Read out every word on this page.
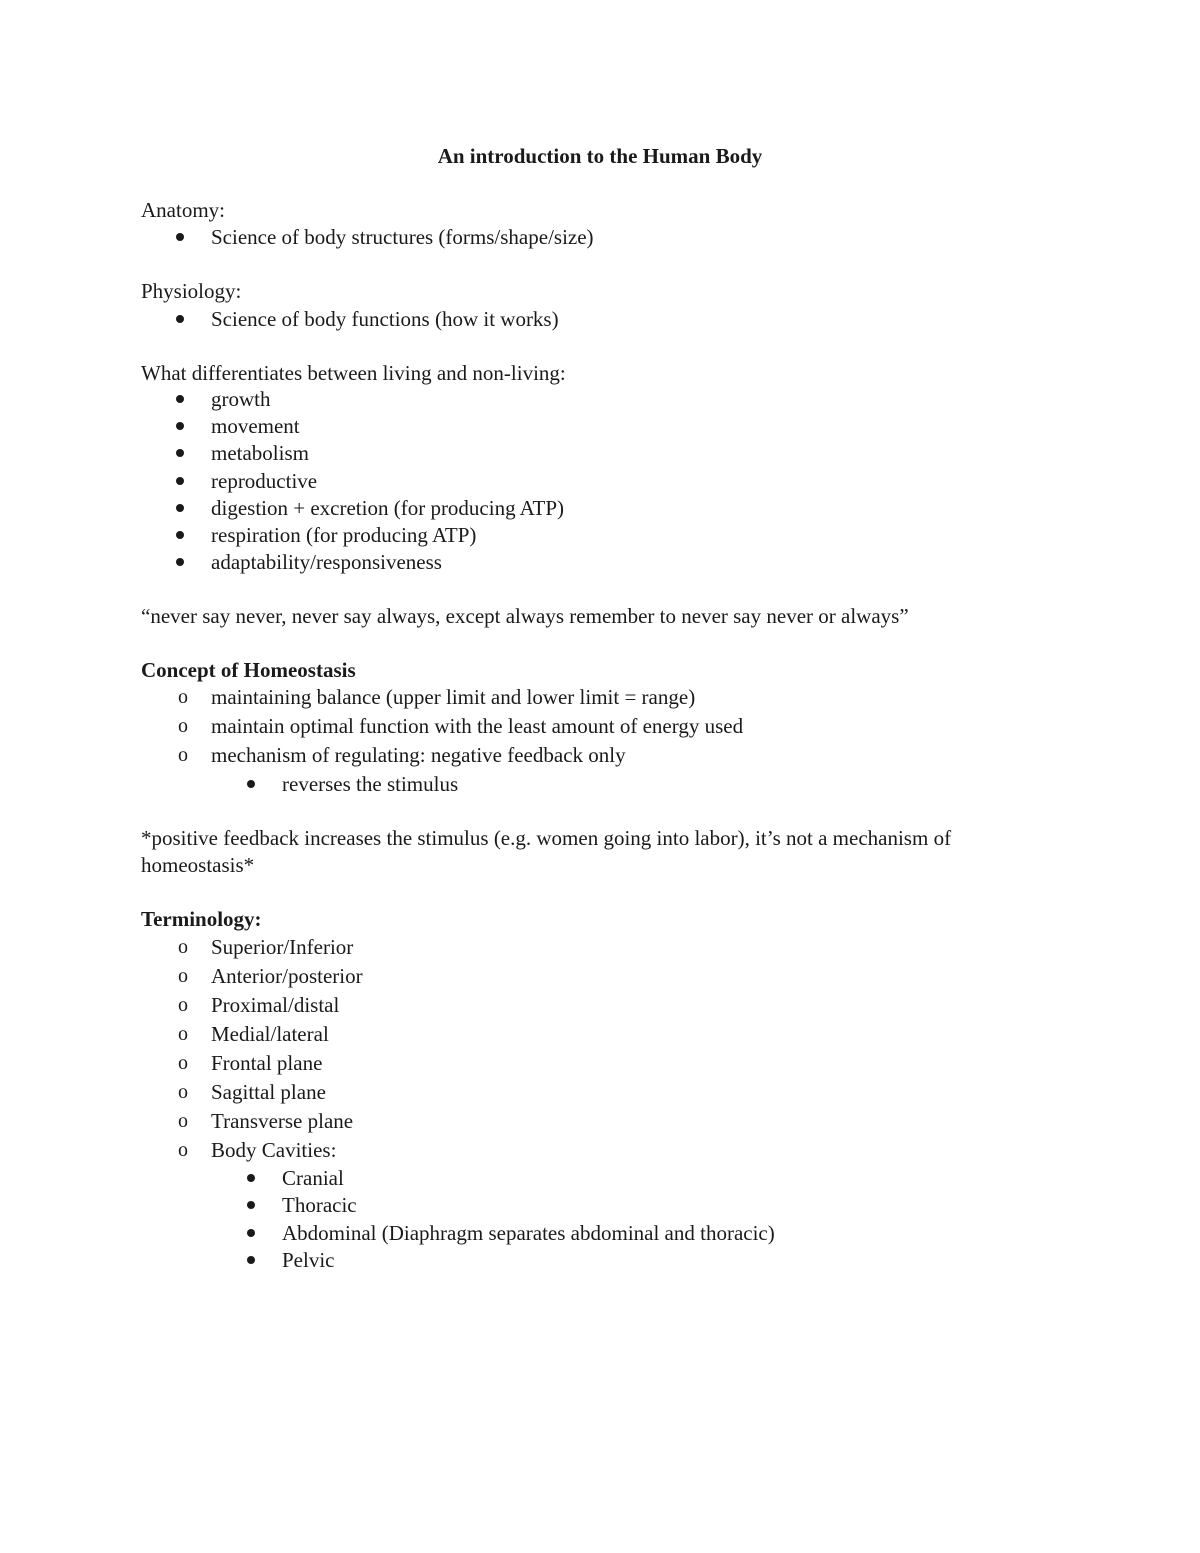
An introduction to the Human Body
Anatomy:
Science of body structures (forms/shape/size)
Physiology:
Science of body functions (how it works)
What differentiates between living and non-living:
growth
movement
metabolism
reproductive
digestion + excretion (for producing ATP)
respiration (for producing ATP)
adaptability/responsiveness
“never say never, never say always, except always remember to never say never or always”
Concept of Homeostasis
o maintaining balance (upper limit and lower limit = range)
o maintain optimal function with the least amount of energy used
o mechanism of regulating: negative feedback only
reverses the stimulus
*positive feedback increases the stimulus (e.g. women going into labor), it’s not a mechanism of homeostasis*
Terminology:
o Superior/Inferior
o Anterior/posterior
o Proximal/distal
o Medial/lateral
o Frontal plane
o Sagittal plane
o Transverse plane
o Body Cavities:
Cranial
Thoracic
Abdominal (Diaphragm separates abdominal and thoracic)
Pelvic
